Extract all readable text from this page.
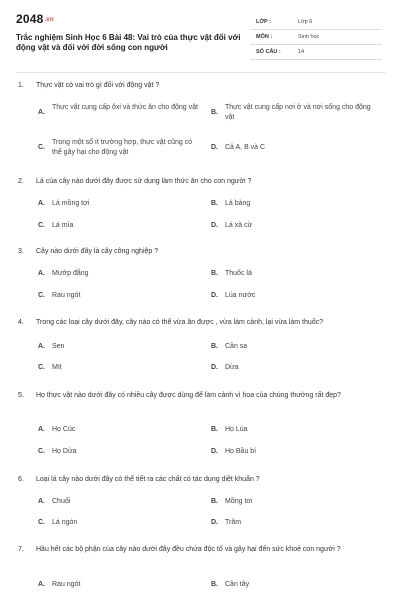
2048.vn
Trắc nghiệm Sinh Học 6 Bài 48: Vai trò của thực vật đối với động vật và đối với đời sống con người
LỚP :	Lớp 6
MÔN :	Sinh học
SỐ CÂU :	14
1. Thực vật có vai trò gì đối với động vật ?
A.
Thực vật cung cấp ôxi và thức ăn cho động vật
B.
Thực vật cung cấp nơi ở và nơi sống cho động vật
C.
Trong một số ít trường hợp, thực vật cũng có thể gây hại cho động vật
D. Cả A, B và C
2. Lá của cây nào dưới đây được sử dụng làm thức ăn cho con người ?
A. Lá mồng tơi	B. Lá bàng
C. Lá mía	D. Lá xà cừ
3. Cây nào dưới đây là cây công nghiệp ?
A. Mướp đắng	B. Thuốc lá
C. Rau ngót	D. Lúa nước
4. Trong các loại cây dưới đây, cây nào có thể vừa ăn được , vừa làm cảnh, lại vừa làm thuốc?
A. Sen	B. Cần sa
C. Mít	D. Dừa
5. Họ thực vật nào dưới đây có nhiều cây được dùng để làm cảnh vì hoa của chúng thường rất đẹp?
A. Họ Cúc	B. Họ Lúa
C. Họ Dừa	D. Họ Bầu bí
6. Loại lá cây nào dưới đây có thể tiết ra các chất có tác dụng diệt khuẩn ?
A. Chuối	B. Mồng tơi
C. Lá ngón	D. Trâm
7. Hầu hết các bộ phận của cây nào dưới đây đều chứa độc tố và gây hại đến sức khoẻ con người ?
A. Rau ngót	B. Cần tây
